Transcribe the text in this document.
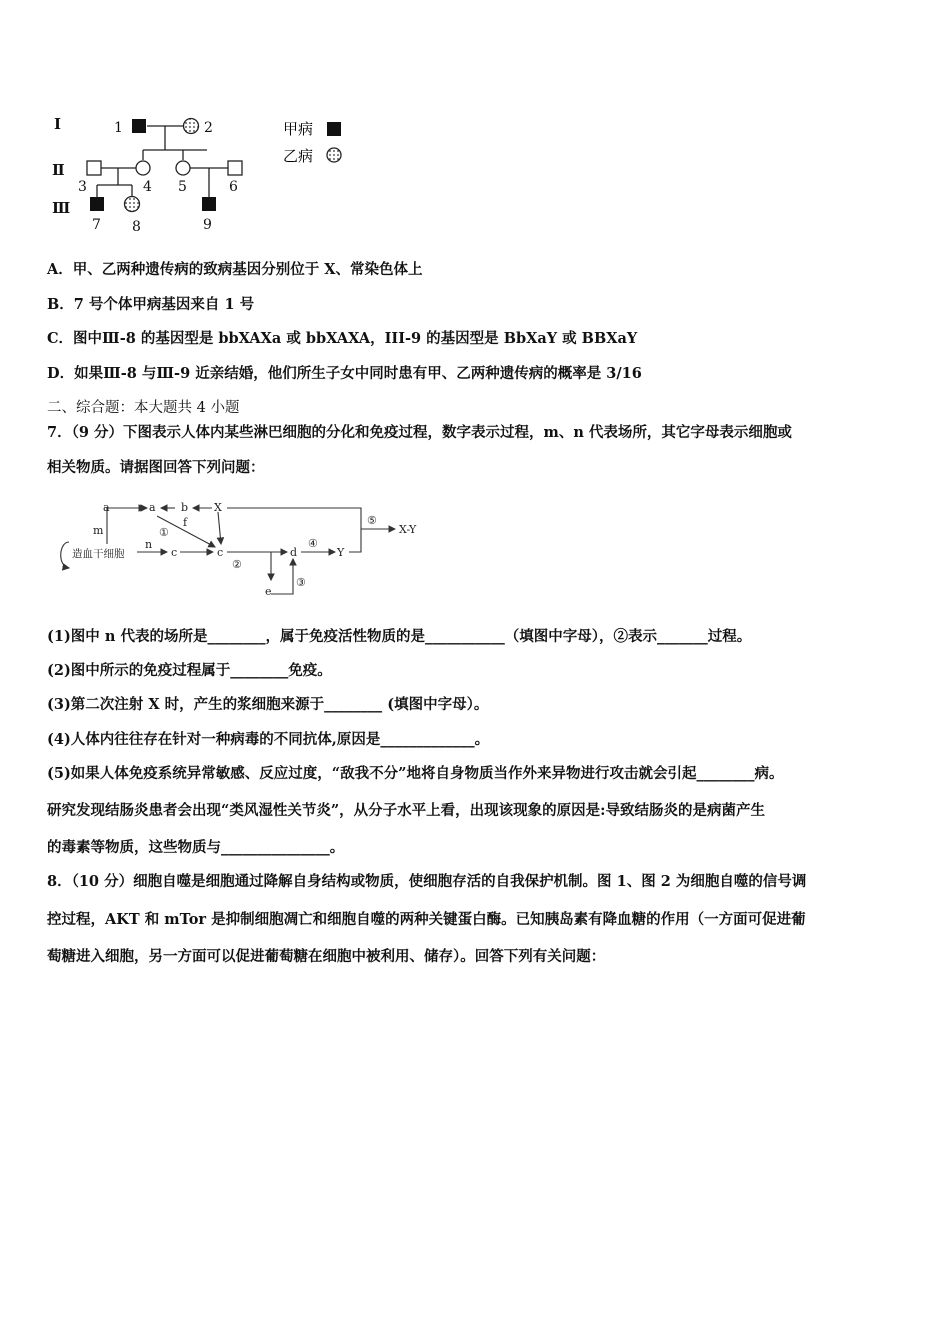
Ⅰ
Ⅱ
Ⅲ
1	2
3	4 5	6
7 8	9
甲病
乙病
A．甲、乙两种遗传病的致病基因分别位于 X、常染色体上
B．7 号个体甲病基因来自 1 号
C．图中Ⅲ-8 的基因型是 bbXAXa 或 bbXAXA，III-9 的基因型是 BbXaY 或 BBXaY
D．如果Ⅲ-8 与Ⅲ-9 近亲结婚，他们所生子女中同时患有甲、乙两种遗传病的概率是 3/16
二、综合题：本大题共 4 小题
7．（9 分）下图表示人体内某些淋巴细胞的分化和免疫过程，数字表示过程，m、n 代表场所，其它字母表示细胞或
相关物质。请据图回答下列问题：
a	a b X
m
f
①
n
c	c
②
d
④
Y
⑤
X-Y
e
③
造血干细胞
(1)图中 n 代表的场所是________，属于免疫活性物质的是___________（填图中字母），②表示_______过程。
(2)图中所示的免疫过程属于________免疫。
(3)第二次注射 X 时，产生的浆细胞来源于________ (填图中字母）。
(4)人体内往往存在针对一种病毒的不同抗体,原因是_____________。
(5)如果人体免疫系统异常敏感、反应过度，“敌我不分”地将自身物质当作外来异物进行攻击就会引起________病。
研究发现结肠炎患者会出现“类风湿性关节炎”，从分子水平上看，出现该现象的原因是:导致结肠炎的是病菌产生
的毒素等物质，这些物质与_______________。
8．（10 分）细胞自噬是细胞通过降解自身结构或物质，使细胞存活的自我保护机制。图 1、图 2 为细胞自噬的信号调
控过程，AKT 和 mTor 是抑制细胞凋亡和细胞自噬的两种关键蛋白酶。已知胰岛素有降血糖的作用（一方面可促进葡
萄糖进入细胞，另一方面可以促进葡萄糖在细胞中被利用、储存）。回答下列有关问题：
